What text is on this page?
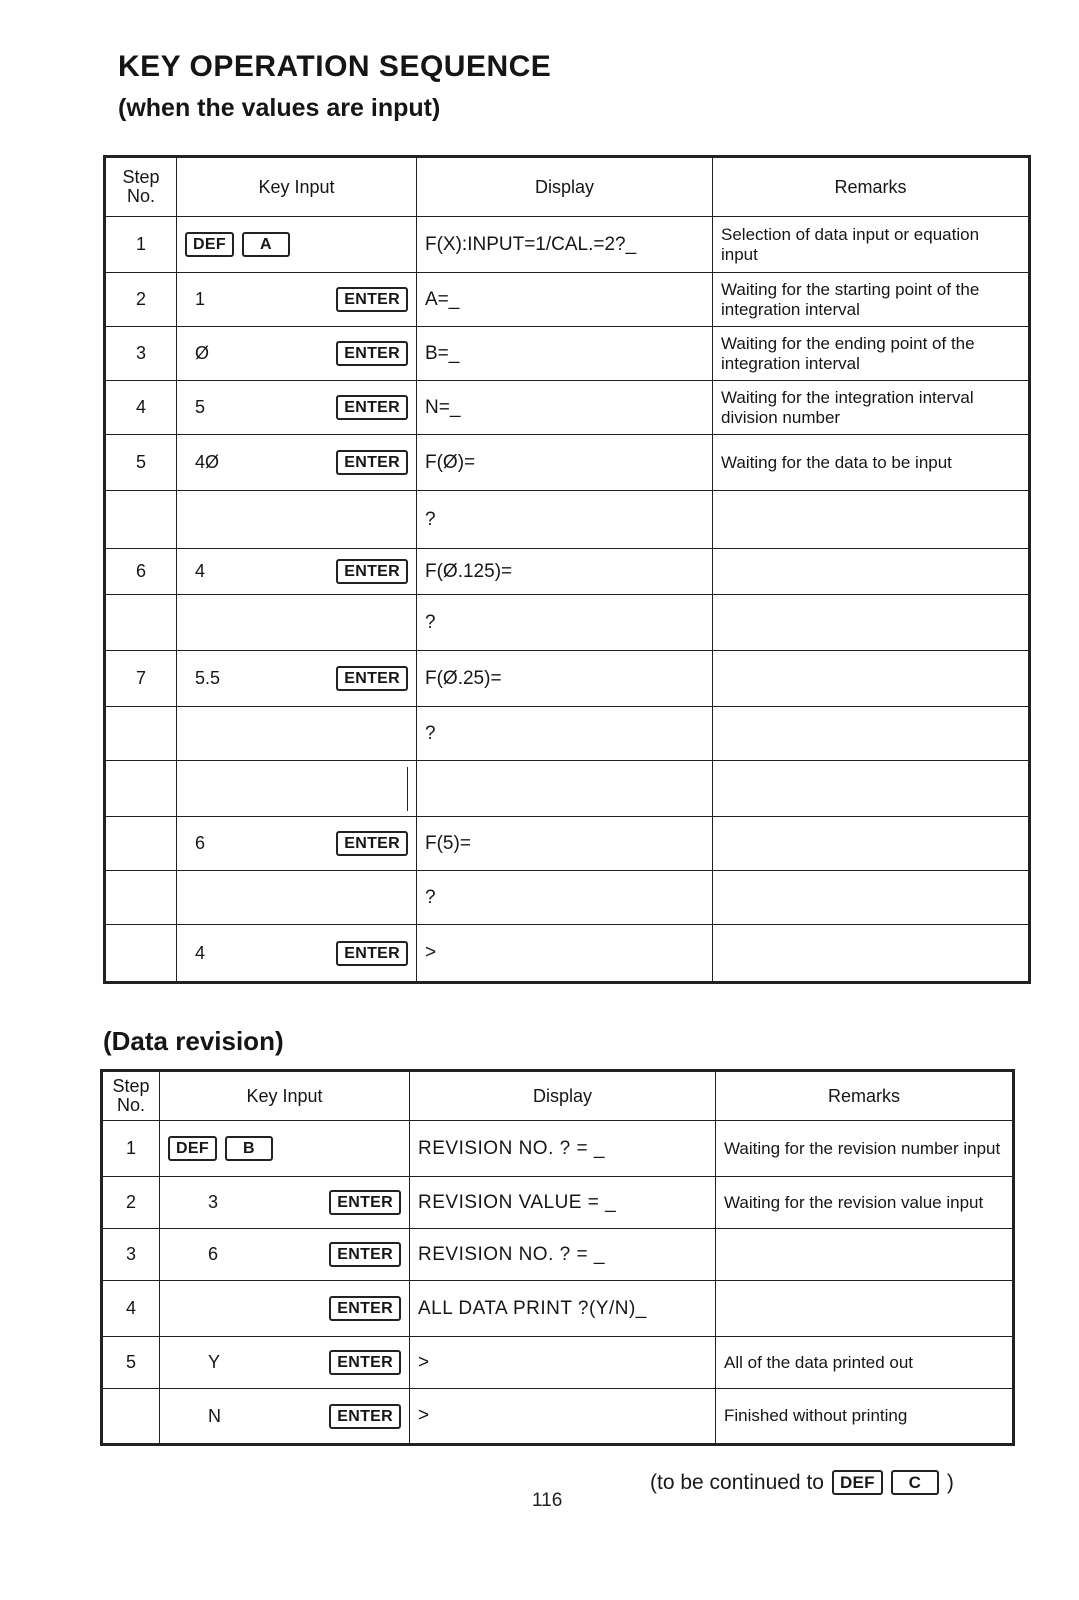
KEY OPERATION SEQUENCE
(when the values are input)
Step
No.	Key Input	Display	Remarks
1	DEF A	F(X):INPUT=1/CAL.=2?_	Selection of data input or equation input
2	1 ENTER	A=_	Waiting for the starting point of the integration interval
3	Ø ENTER	B=_	Waiting for the ending point of the integration interval
4	5 ENTER	N=_	Waiting for the integration interval division number
5	4Ø ENTER	F(Ø)=	Waiting for the data to be input

	?	
6	4 ENTER	F(Ø.125)=	

	?	
7	5.5 ENTER	F(Ø.25)=	

	?	

	6 ENTER	F(5)=	

	?	

	4 ENTER	>	
(Data revision)
Step
No.	Key Input	Display	Remarks
1	DEF B	REVISION NO. ? = _	Waiting for the revision number input
2	3 ENTER	REVISION VALUE = _	Waiting for the revision value input
3	6 ENTER	REVISION NO. ? = _	
4	ENTER	ALL DATA PRINT ?(Y/N)_	
5	Y ENTER	>	All of the data printed out

	N ENTER	>	Finished without printing
(to be continued to DEF	C	)
116
